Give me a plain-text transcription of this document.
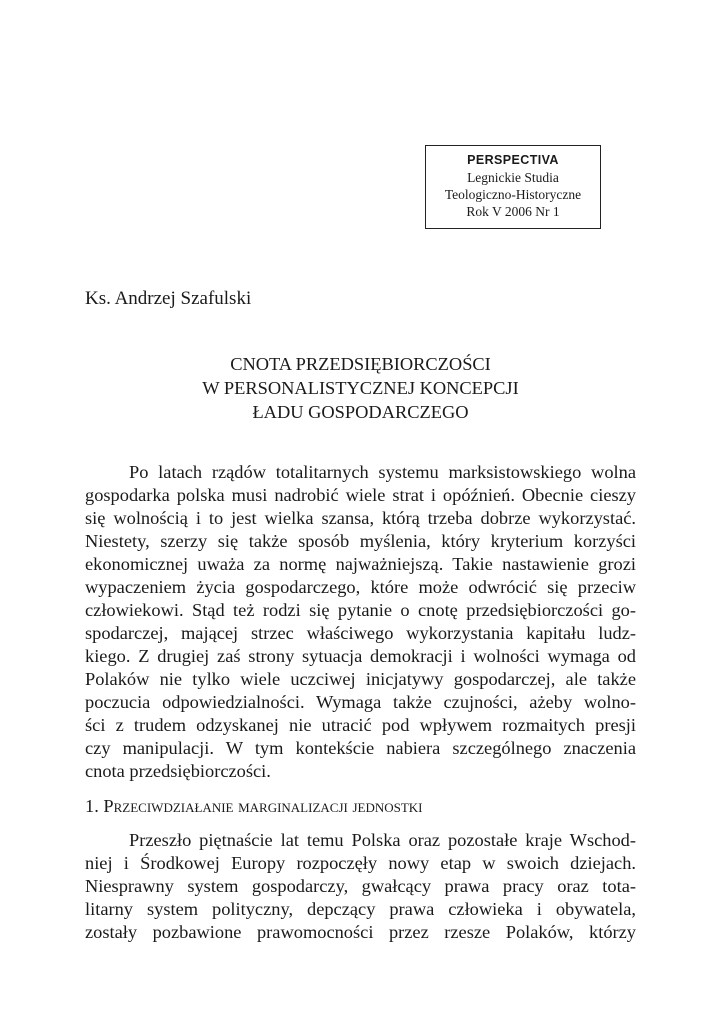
PERSPECTIVA
Legnickie Studia
Teologiczno-Historyczne
Rok V 2006 Nr 1
Ks. Andrzej Szafulski
CNOTA PRZEDSIĘBIORCZOŚCI
W PERSONALISTYCZNEJ KONCEPCJI
ŁADU GOSPODARCZEGO
Po latach rządów totalitarnych systemu marksistowskiego wolna
gospodarka polska musi nadrobić wiele strat i opóźnień. Obecnie cieszy
się wolnością i to jest wielka szansa, którą trzeba dobrze wykorzystać.
Niestety, szerzy się także sposób myślenia, który kryterium korzyści
ekonomicznej uważa za normę najważniejszą. Takie nastawienie grozi
wypaczeniem życia gospodarczego, które może odwrócić się przeciw
człowiekowi. Stąd też rodzi się pytanie o cnotę przedsiębiorczości go-
spodarczej, mającej strzec właściwego wykorzystania kapitału ludz-
kiego. Z drugiej zaś strony sytuacja demokracji i wolności wymaga od
Polaków nie tylko wiele uczciwej inicjatywy gospodarczej, ale także
poczucia odpowiedzialności. Wymaga także czujności, ażeby wolno-
ści z trudem odzyskanej nie utracić pod wpływem rozmaitych presji
czy manipulacji. W tym kontekście nabiera szczególnego znaczenia
cnota przedsiębiorczości.
1. Przeciwdziałanie marginalizacji jednostki
Przeszło piętnaście lat temu Polska oraz pozostałe kraje Wschod-
niej i Środkowej Europy rozpoczęły nowy etap w swoich dziejach.
Niesprawny system gospodarczy, gwałcący prawa pracy oraz tota-
litarny system polityczny, depczący prawa człowieka i obywatela,
zostały pozbawione prawomocności przez rzesze Polaków, którzy
